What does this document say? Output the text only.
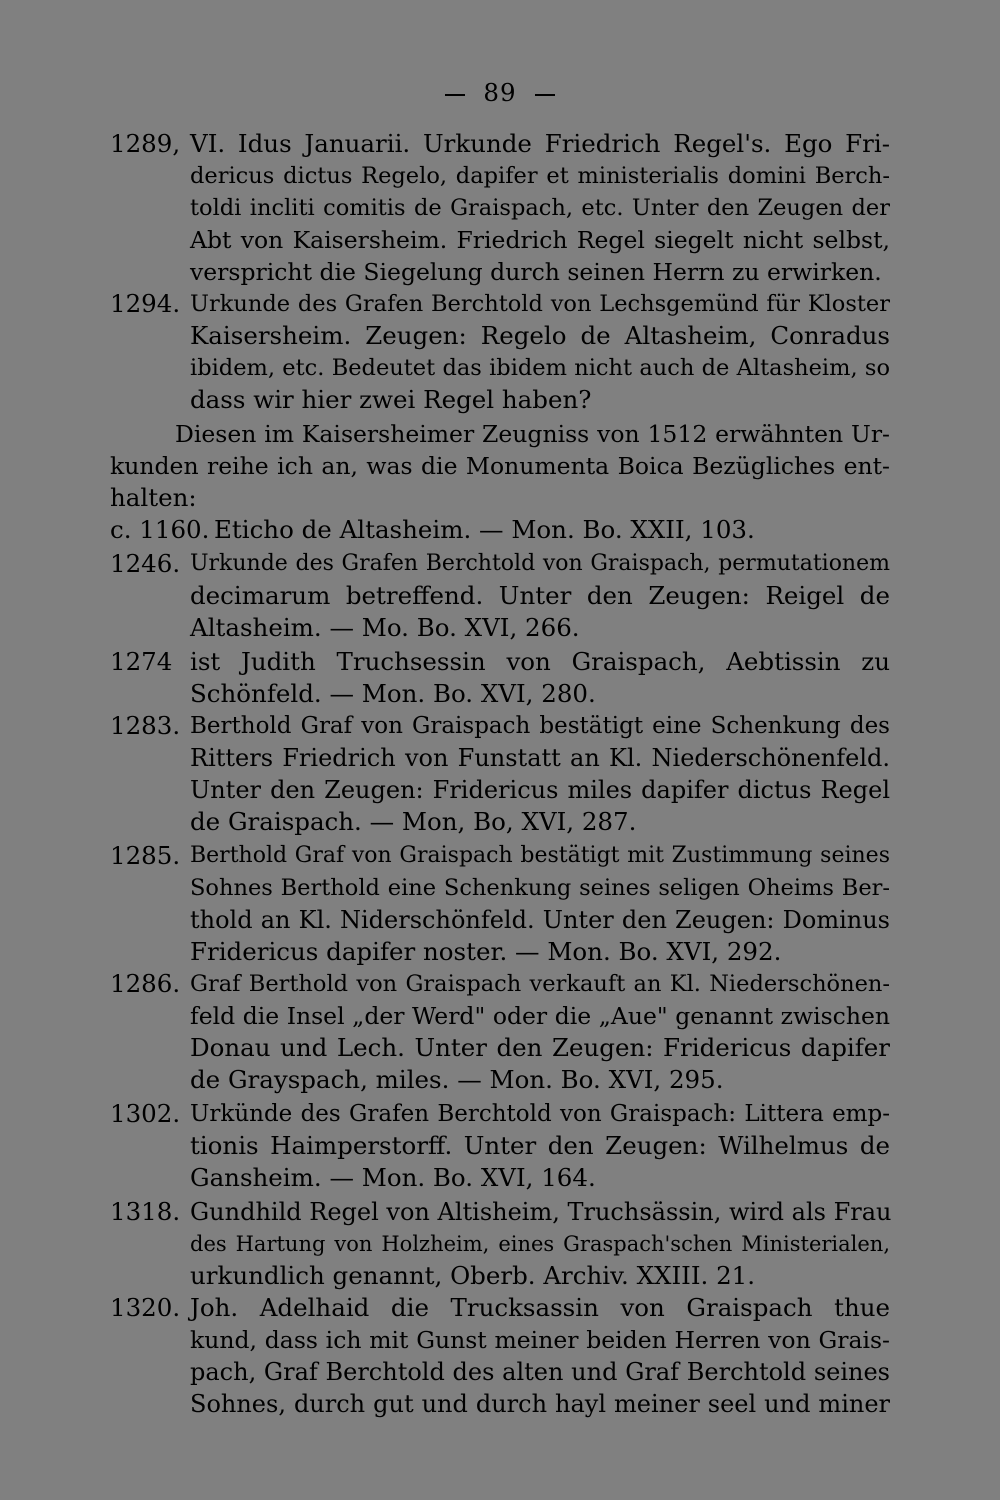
89
1289, VI. Idus Januarii. Urkunde Friedrich Regel's. Ego Fri-
dericus dictus Regelo, dapifer et ministerialis domini Berch-
toldi incliti comitis de Graispach, etc. Unter den Zeugen der
Abt von Kaisersheim. Friedrich Regel siegelt nicht selbst,
verspricht die Siegelung durch seinen Herrn zu erwirken.
1294. Urkunde des Grafen Berchtold von Lechsgemünd für Kloster
Kaisersheim. Zeugen: Regelo de Altasheim, Conradus
ibidem, etc. Bedeutet das ibidem nicht auch de Altasheim, so
dass wir hier zwei Regel haben?
Diesen im Kaisersheimer Zeugniss von 1512 erwähnten Ur-
kunden reihe ich an, was die Monumenta Boica Bezügliches ent-
halten:
c. 1160. Eticho de Altasheim. — Mon. Bo. XXII, 103.
1246. Urkunde des Grafen Berchtold von Graispach, permutationem
decimarum betreffend. Unter den Zeugen: Reigel de
Altasheim. — Mo. Bo. XVI, 266.
1274 ist Judith Truchsessin von Graispach, Aebtissin zu
Schönfeld. — Mon. Bo. XVI, 280.
1283. Berthold Graf von Graispach bestätigt eine Schenkung des
Ritters Friedrich von Funstatt an Kl. Niederschönenfeld.
Unter den Zeugen: Fridericus miles dapifer dictus Regel
de Graispach. — Mon, Bo, XVI, 287.
1285. Berthold Graf von Graispach bestätigt mit Zustimmung seines
Sohnes Berthold eine Schenkung seines seligen Oheims Ber-
thold an Kl. Niderschönfeld. Unter den Zeugen: Dominus
Fridericus dapifer noster. — Mon. Bo. XVI, 292.
1286. Graf Berthold von Graispach verkauft an Kl. Niederschönen-
feld die Insel „der Werd" oder die „Aue" genannt zwischen
Donau und Lech. Unter den Zeugen: Fridericus dapifer
de Grayspach, miles. — Mon. Bo. XVI, 295.
1302. Urkünde des Grafen Berchtold von Graispach: Littera emp-
tionis Haimperstorff. Unter den Zeugen: Wilhelmus de
Gansheim. — Mon. Bo. XVI, 164.
1318. Gundhild Regel von Altisheim, Truchsässin, wird als Frau
des Hartung von Holzheim, eines Graspach'schen Ministerialen,
urkundlich genannt, Oberb. Archiv. XXIII. 21.
1320. Joh. Adelhaid die Trucksassin von Graispach thue
kund, dass ich mit Gunst meiner beiden Herren von Grais-
pach, Graf Berchtold des alten und Graf Berchtold seines
Sohnes, durch gut und durch hayl meiner seel und miner
